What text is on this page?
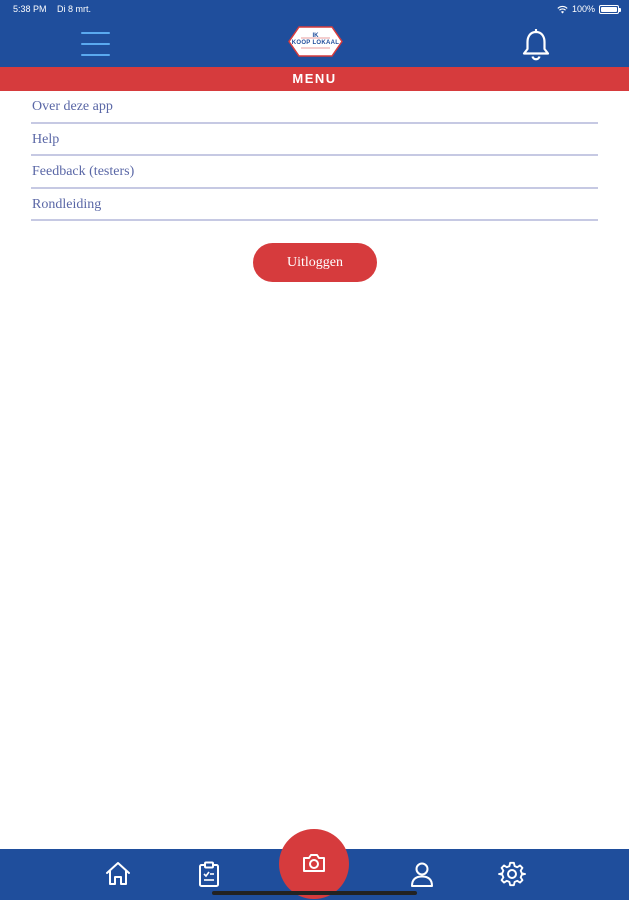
5:38 PM Di 8 mrt.	100%
IK
KOOP LOKAAL
MENU
Over deze app
Help
Feedback (testers)
Rondleiding
Uitloggen
